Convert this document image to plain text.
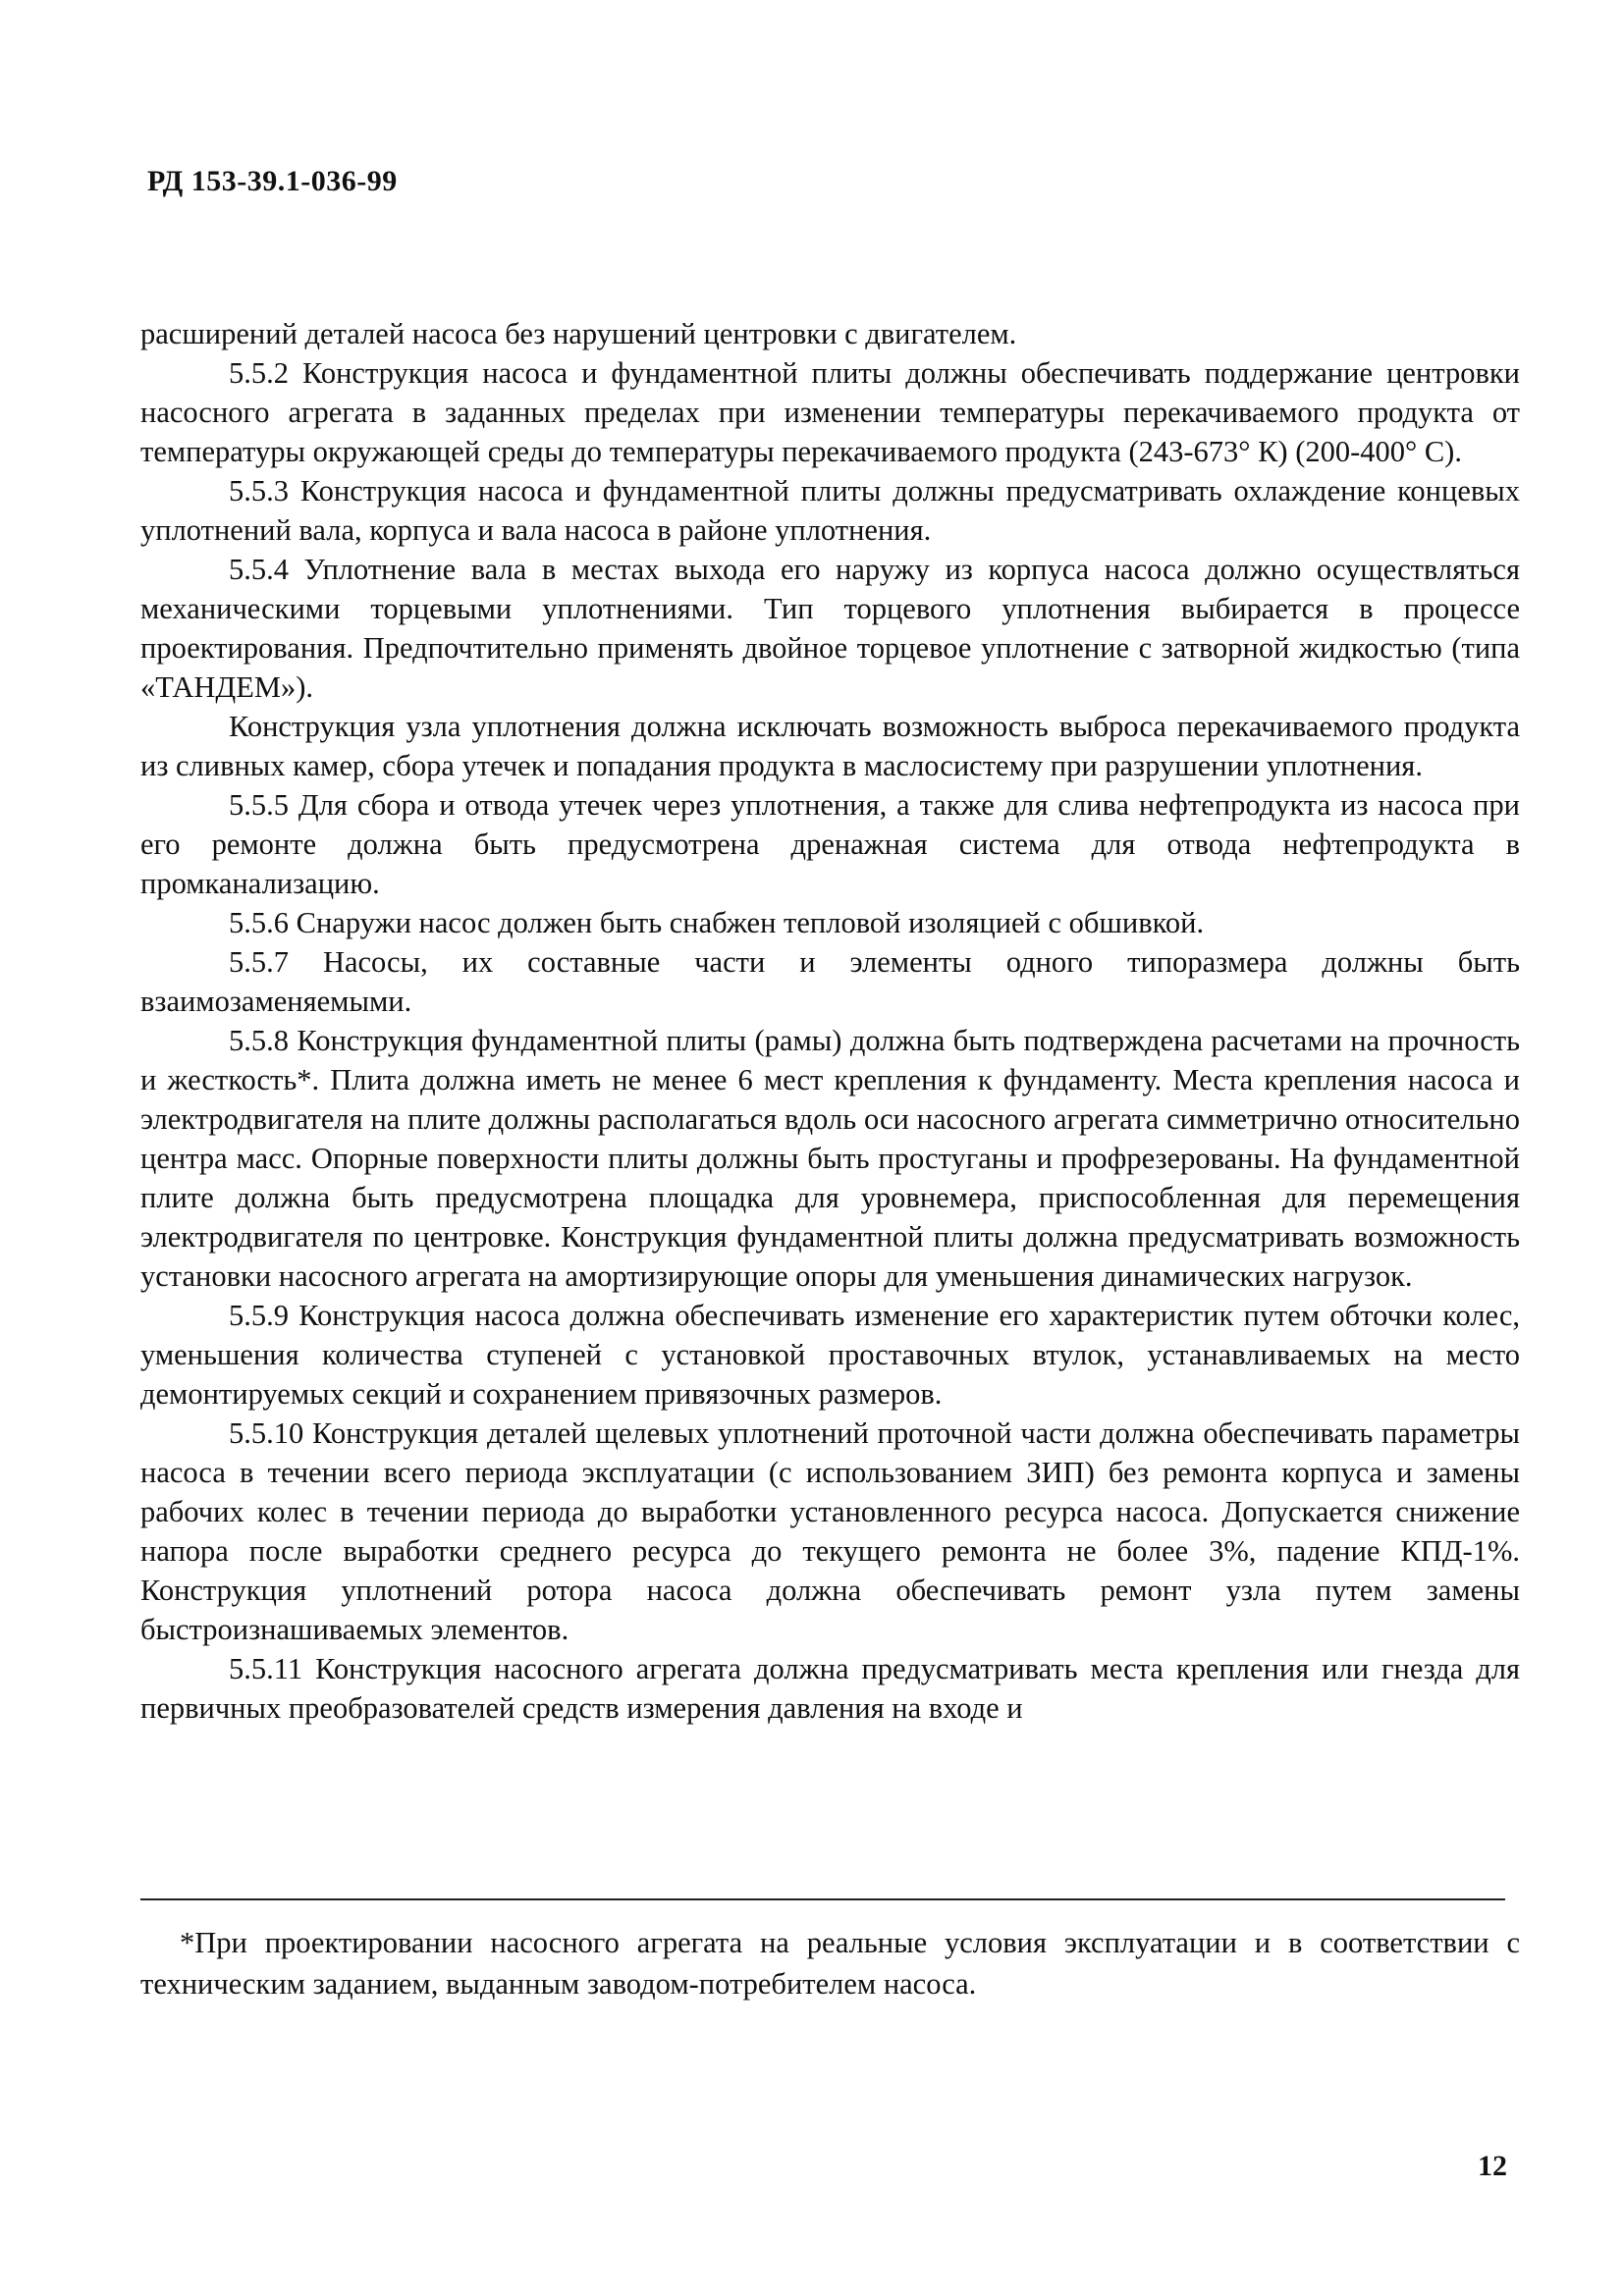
РД 153-39.1-036-99

расширений деталей насоса без нарушений центровки с двигателем.

5.5.2 Конструкция насоса и фундаментной плиты должны обеспечивать поддержание центровки насосного агрегата в заданных пределах при изменении температуры перекачиваемого продукта от температуры окружающей среды до температуры перекачиваемого продукта (243-673° К) (200-400° С).

5.5.3 Конструкция насоса и фундаментной плиты должны предусматривать охлаждение концевых уплотнений вала, корпуса и вала насоса в районе уплотнения.

5.5.4 Уплотнение вала в местах выхода его наружу из корпуса насоса должно осуществляться механическими торцевыми уплотнениями. Тип торцевого уплотнения выбирается в процессе проектирования. Предпочтительно применять двойное торцевое уплотнение с затворной жидкостью (типа «ТАНДЕМ»).

Конструкция узла уплотнения должна исключать возможность выброса перекачиваемого продукта из сливных камер, сбора утечек и попадания продукта в маслосистему при разрушении уплотнения.

5.5.5 Для сбора и отвода утечек через уплотнения, а также для слива нефтепродукта из насоса при его ремонте должна быть предусмотрена дренажная система для отвода нефтепродукта в промканализацию.

5.5.6 Снаружи насос должен быть снабжен тепловой изоляцией с обшивкой.

5.5.7 Насосы, их составные части и элементы одного типоразмера должны быть взаимозаменяемыми.

5.5.8 Конструкция фундаментной плиты (рамы) должна быть подтверждена расчетами на прочность и жесткость*. Плита должна иметь не менее 6 мест крепления к фундаменту. Места крепления насоса и электродвигателя на плите должны располагаться вдоль оси насосного агрегата симметрично относительно центра масс. Опорные поверхности плиты должны быть простуганы и профрезерованы. На фундаментной плите должна быть предусмотрена площадка для уровнемера, приспособленная для перемещения электродвигателя по центровке. Конструкция фундаментной плиты должна предусматривать возможность установки насосного агрегата на амортизирующие опоры для уменьшения динамических нагрузок.

5.5.9 Конструкция насоса должна обеспечивать изменение его характеристик путем обточки колес, уменьшения количества ступеней с установкой проставочных втулок, устанавливаемых на место демонтируемых секций и сохранением привязочных размеров.

5.5.10 Конструкция деталей щелевых уплотнений проточной части должна обеспечивать параметры насоса в течении всего периода эксплуатации (с использованием ЗИП) без ремонта корпуса и замены рабочих колес в течении периода до выработки установленного ресурса насоса. Допускается снижение напора после выработки среднего ресурса до текущего ремонта не более 3%, падение КПД-1%. Конструкция уплотнений ротора насоса должна обеспечивать ремонт узла путем замены быстроизнашиваемых элементов.

5.5.11 Конструкция насосного агрегата должна предусматривать места крепления или гнезда для первичных преобразователей средств измерения давления на входе и

*При проектировании насосного агрегата на реальные условия эксплуатации и в соответствии с техническим заданием, выданным заводом-потребителем насоса.

12
